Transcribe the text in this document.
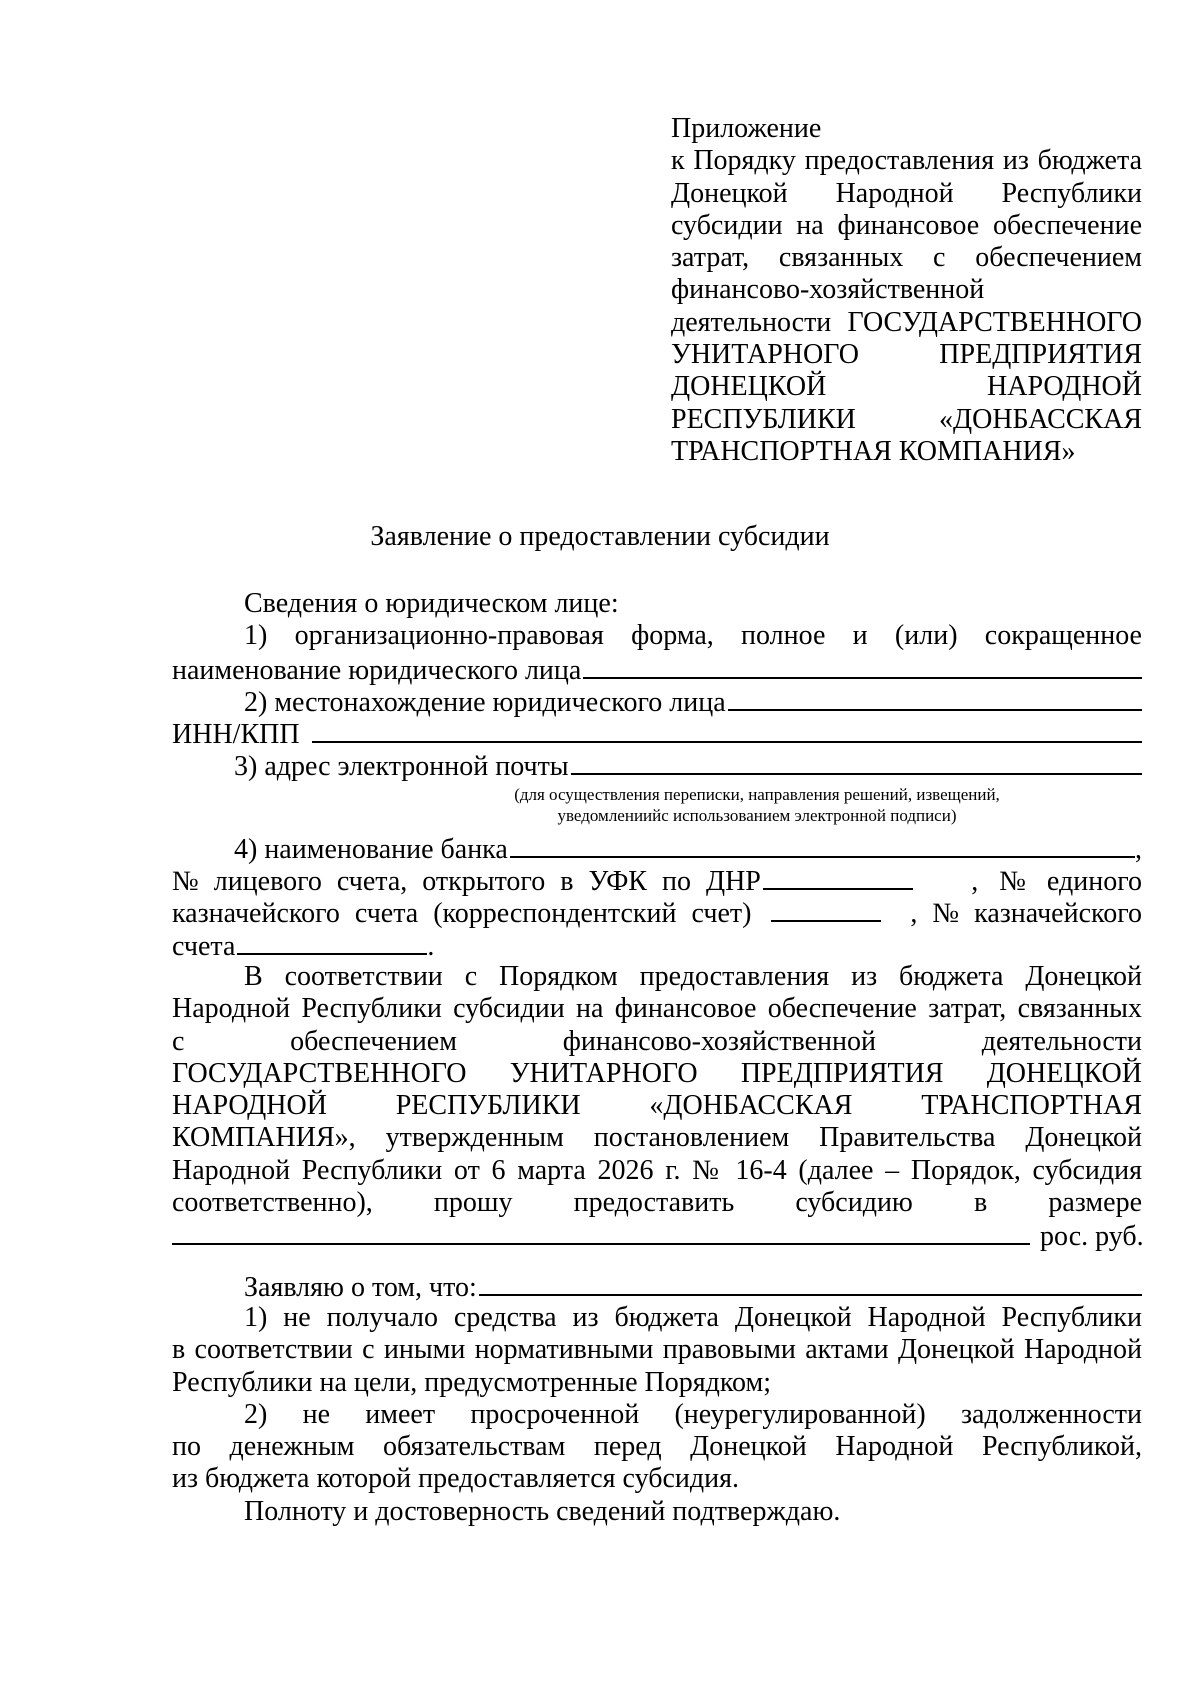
Приложение
к Порядку предоставления из бюджета
Донецкой Народной Республики
субсидии на финансовое обеспечение
затрат, связанных с обеспечением
финансово-хозяйственной
деятельности ГОСУДАРСТВЕННОГО
УНИТАРНОГО ПРЕДПРИЯТИЯ
ДОНЕЦКОЙ НАРОДНОЙ
РЕСПУБЛИКИ «ДОНБАССКАЯ
ТРАНСПОРТНАЯ КОМПАНИЯ»
Заявление о предоставлении субсидии
Сведения о юридическом лице:
1) организационно-правовая форма, полное и (или) сокращенное
наименование юридического лица
2) местонахождение юридического лица
ИНН/КПП
3) адрес электронной почты
(для осуществления переписки, направления решений, извещений,
уведомлениийс использованием электронной подписи)
4) наименование банка	,
№ лицевого счета, открытого в УФК по ДНР	, № единого
казначейского счета (корреспондентский счет)	, № казначейского
счета	.
В соответствии с Порядком предоставления из бюджета Донецкой
Народной Республики субсидии на финансовое обеспечение затрат, связанных
с обеспечением финансово-хозяйственной деятельности
ГОСУДАРСТВЕННОГО УНИТАРНОГО ПРЕДПРИЯТИЯ ДОНЕЦКОЙ
НАРОДНОЙ РЕСПУБЛИКИ «ДОНБАССКАЯ ТРАНСПОРТНАЯ
КОМПАНИЯ», утвержденным постановлением Правительства Донецкой
Народной Республики от 6 марта 2026 г. № 16-4 (далее – Порядок, субсидия
соответственно), прошу предоставить субсидию в размере
рос. руб.
Заявляю о том, что:
1) не получало средства из бюджета Донецкой Народной Республики
в соответствии с иными нормативными правовыми актами Донецкой Народной
Республики на цели, предусмотренные Порядком;
2) не имеет просроченной (неурегулированной) задолженности
по денежным обязательствам перед Донецкой Народной Республикой,
из бюджета которой предоставляется субсидия.
Полноту и достоверность сведений подтверждаю.
